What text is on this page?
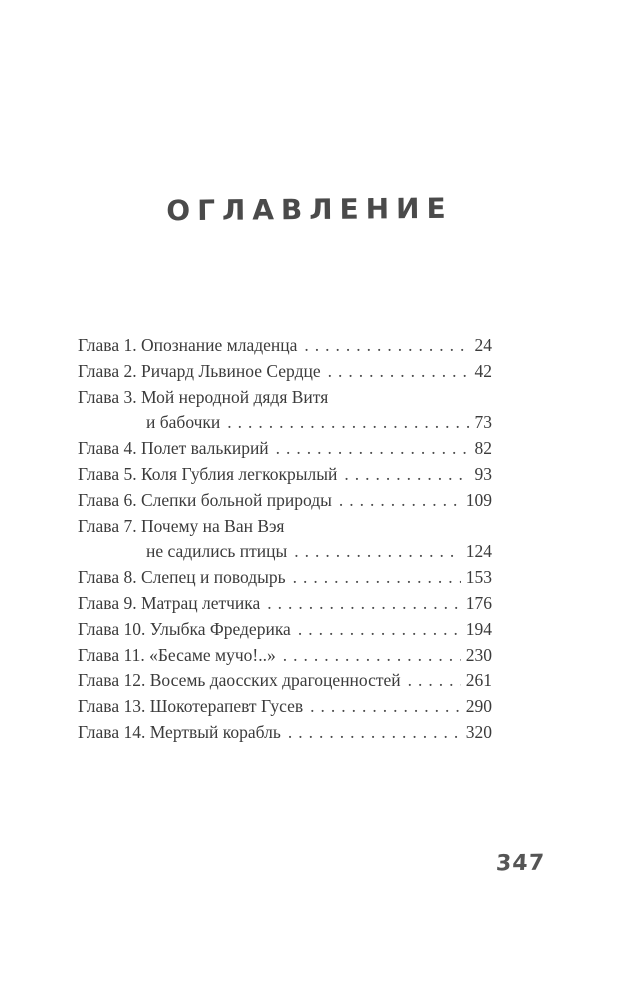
ОГЛАВЛЕНИЕ
Глава 1. Опознание младенца .....	24
Глава 2. Ричард Львиное Сердце .....	42
Глава 3. Мой неродной дядя Витя
и бабочки .....	73
Глава 4. Полет валькирий .....	82
Глава 5. Коля Гублия легкокрылый .....	93
Глава 6. Слепки больной природы .....	109
Глава 7. Почему на Ван Вэя
не садились птицы .....	124
Глава 8. Слепец и поводырь .....	153
Глава 9. Матрац летчика .....	176
Глава 10. Улыбка Фредерика .....	194
Глава 11. «Бесаме мучо!..» .....	230
Глава 12. Восемь даосских драгоценностей .....	261
Глава 13. Шокотерапевт Гусев .....	290
Глава 14. Мертвый корабль .....	320
347
